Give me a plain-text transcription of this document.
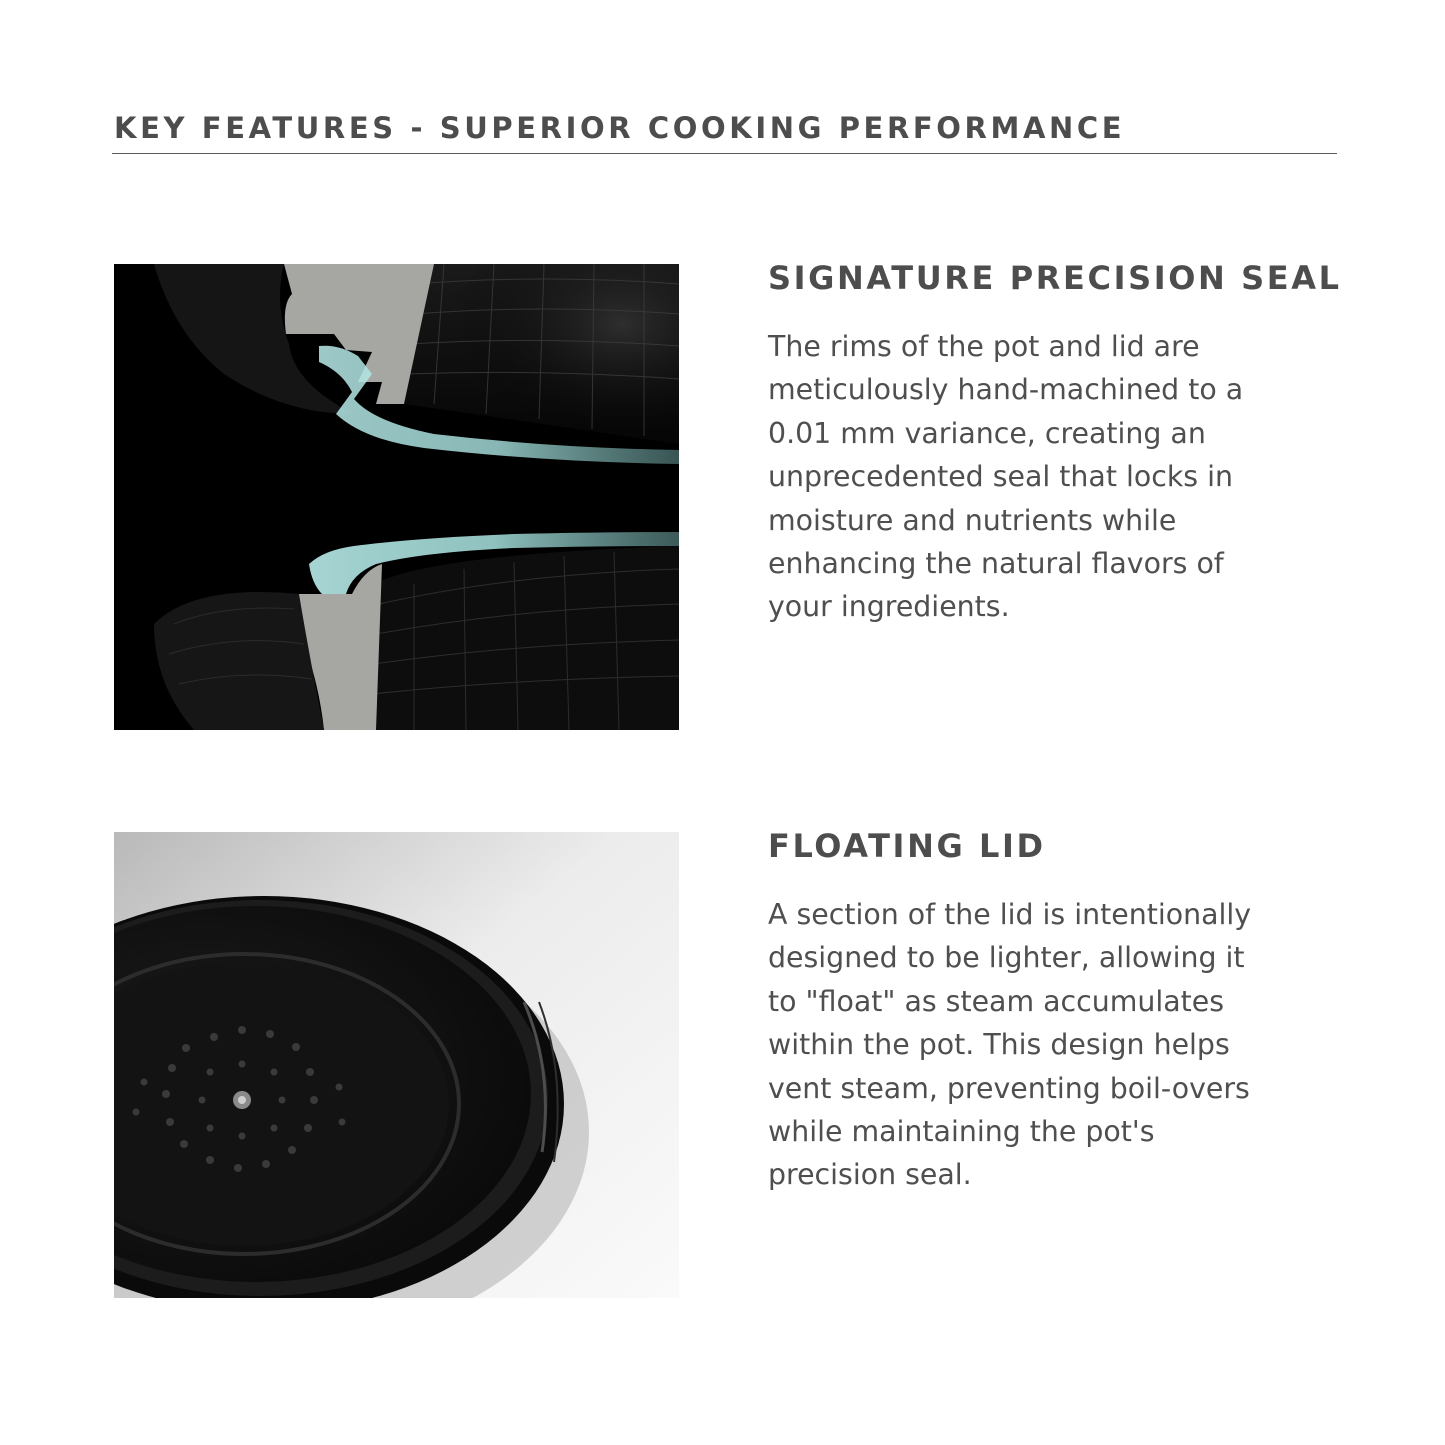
KEY FEATURES - SUPERIOR COOKING PERFORMANCE
SIGNATURE PRECISION SEAL

The rims of the pot and lid are
meticulously hand-machined to a
0.01 mm variance, creating an
unprecedented seal that locks in
moisture and nutrients while
enhancing the natural flavors of
your ingredients.

FLOATING LID

A section of the lid is intentionally
designed to be lighter, allowing it
to "float" as steam accumulates
within the pot. This design helps
vent steam, preventing boil-overs
while maintaining the pot's
precision seal.
